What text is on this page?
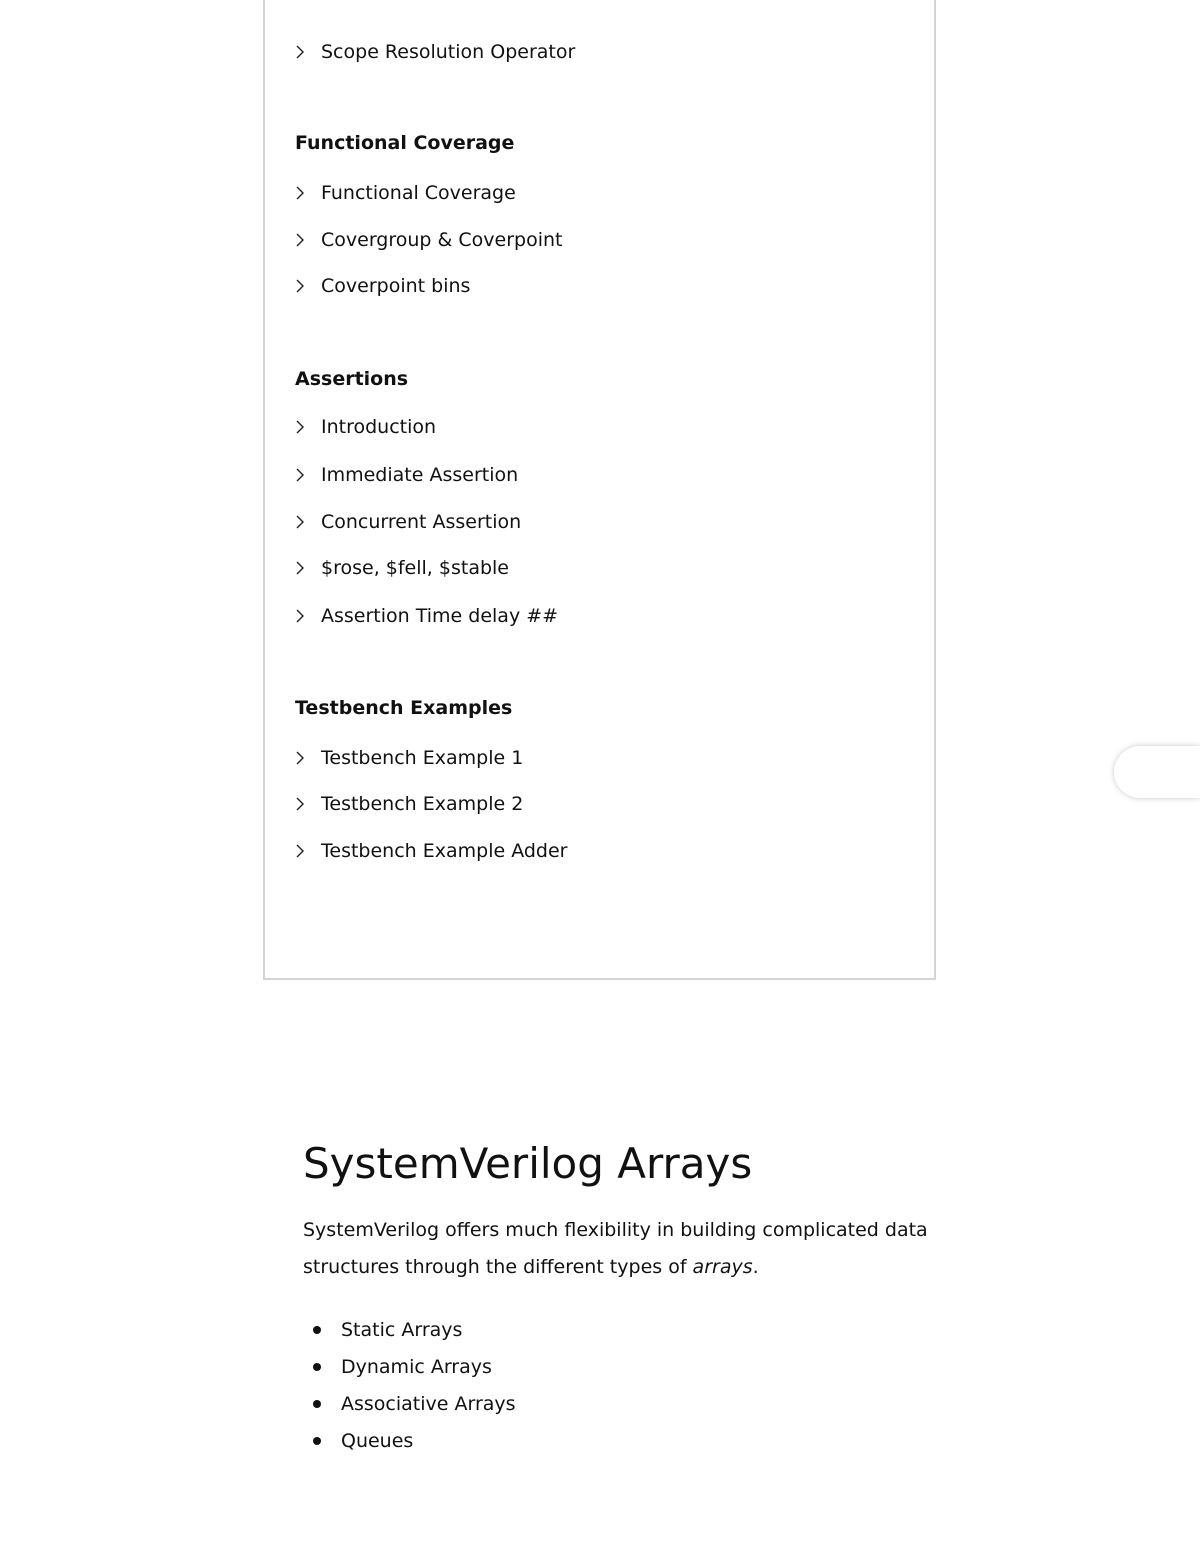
Scope Resolution Operator
Functional Coverage
Functional Coverage
Covergroup & Coverpoint
Coverpoint bins
Assertions
Introduction
Immediate Assertion
Concurrent Assertion
$rose, $fell, $stable
Assertion Time delay ##
Testbench Examples
Testbench Example 1
Testbench Example 2
Testbench Example Adder
SystemVerilog Arrays

SystemVerilog offers much flexibility in building complicated data structures through the different types of arrays.

Static Arrays
Dynamic Arrays
Associative Arrays
Queues
